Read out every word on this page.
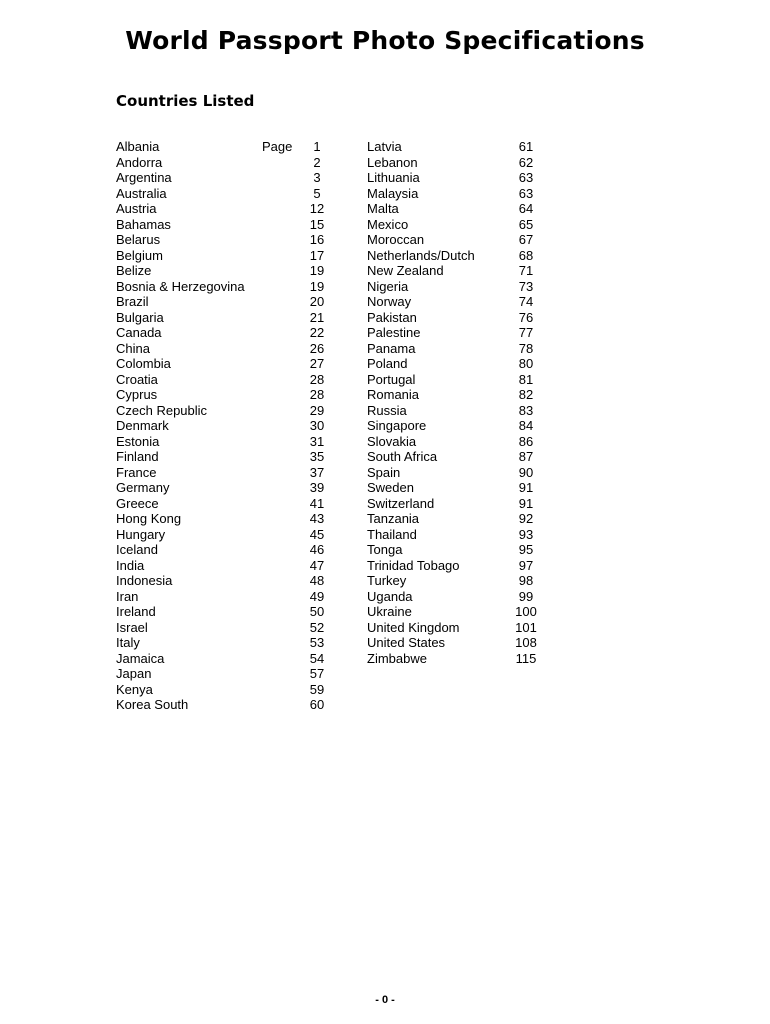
World Passport Photo Specifications
Countries Listed
Albania	Page	1
Andorra	2
Argentina	3
Australia	5
Austria	12
Bahamas	15
Belarus	16
Belgium	17
Belize	19
Bosnia & Herzegovina	19
Brazil	20
Bulgaria	21
Canada	22
China	26
Colombia	27
Croatia	28
Cyprus	28
Czech Republic	29
Denmark	30
Estonia	31
Finland	35
France	37
Germany	39
Greece	41
Hong Kong	43
Hungary	45
Iceland	46
India	47
Indonesia	48
Iran	49
Ireland	50
Israel	52
Italy	53
Jamaica	54
Japan	57
Kenya	59
Korea South	60
Latvia	61
Lebanon	62
Lithuania	63
Malaysia	63
Malta	64
Mexico	65
Moroccan	67
Netherlands/Dutch	68
New Zealand	71
Nigeria	73
Norway	74
Pakistan	76
Palestine	77
Panama	78
Poland	80
Portugal	81
Romania	82
Russia	83
Singapore	84
Slovakia	86
South Africa	87
Spain	90
Sweden	91
Switzerland	91
Tanzania	92
Thailand	93
Tonga	95
Trinidad Tobago	97
Turkey	98
Uganda	99
Ukraine	100
United Kingdom	101
United States	108
Zimbabwe	115
- 0 -
